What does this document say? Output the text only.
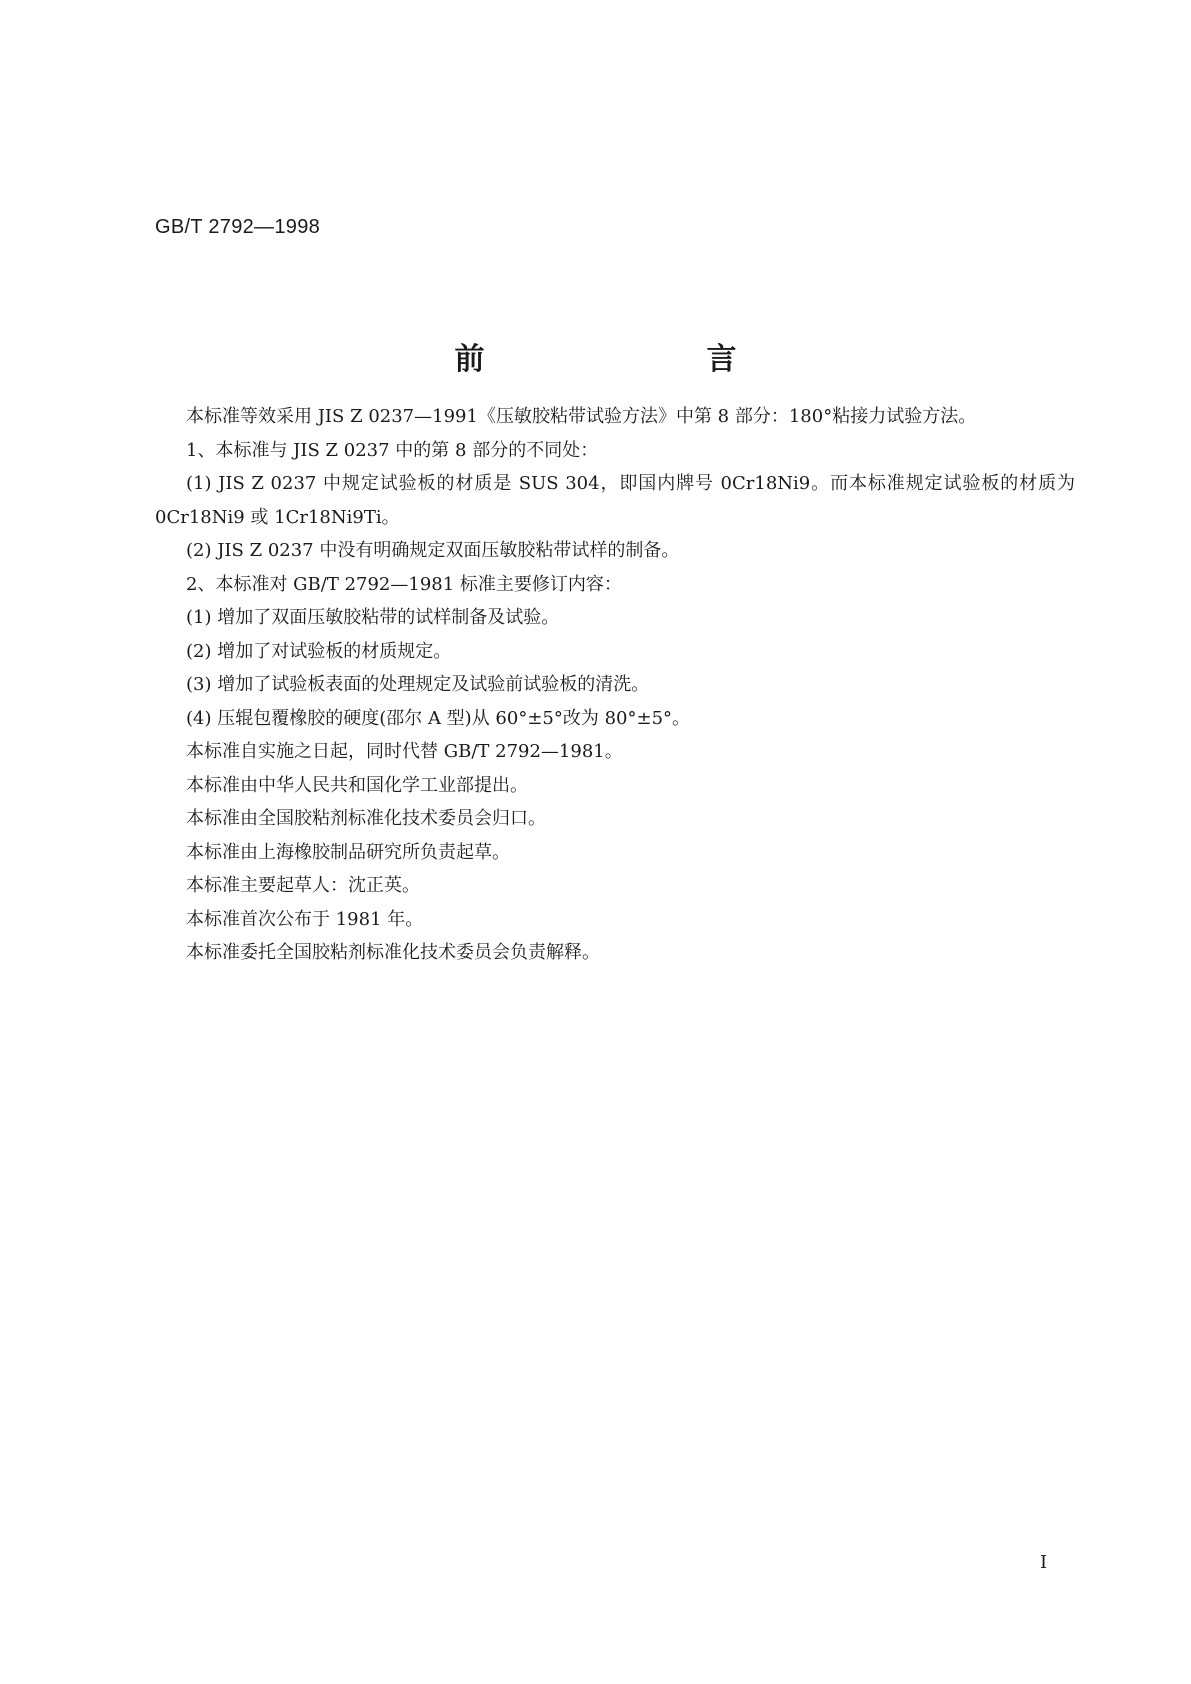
GB/T 2792—1998
前　言

本标准等效采用 JIS Z 0237—1991《压敏胶粘带试验方法》中第 8 部分：180°粘接力试验方法。

1、本标准与 JIS Z 0237 中的第 8 部分的不同处：

(1) JIS Z 0237 中规定试验板的材质是 SUS 304，即国内牌号 0Cr18Ni9。而本标准规定试验板的材质为 0Cr18Ni9 或 1Cr18Ni9Ti。

(2) JIS Z 0237 中没有明确规定双面压敏胶粘带试样的制备。

2、本标准对 GB/T 2792—1981 标准主要修订内容：

(1) 增加了双面压敏胶粘带的试样制备及试验。

(2) 增加了对试验板的材质规定。

(3) 增加了试验板表面的处理规定及试验前试验板的清洗。

(4) 压辊包覆橡胶的硬度(邵尔 A 型)从 60°±5°改为 80°±5°。

本标准自实施之日起，同时代替 GB/T 2792—1981。

本标准由中华人民共和国化学工业部提出。

本标准由全国胶粘剂标准化技术委员会归口。

本标准由上海橡胶制品研究所负责起草。

本标准主要起草人：沈正英。

本标准首次公布于 1981 年。

本标准委托全国胶粘剂标准化技术委员会负责解释。

I
